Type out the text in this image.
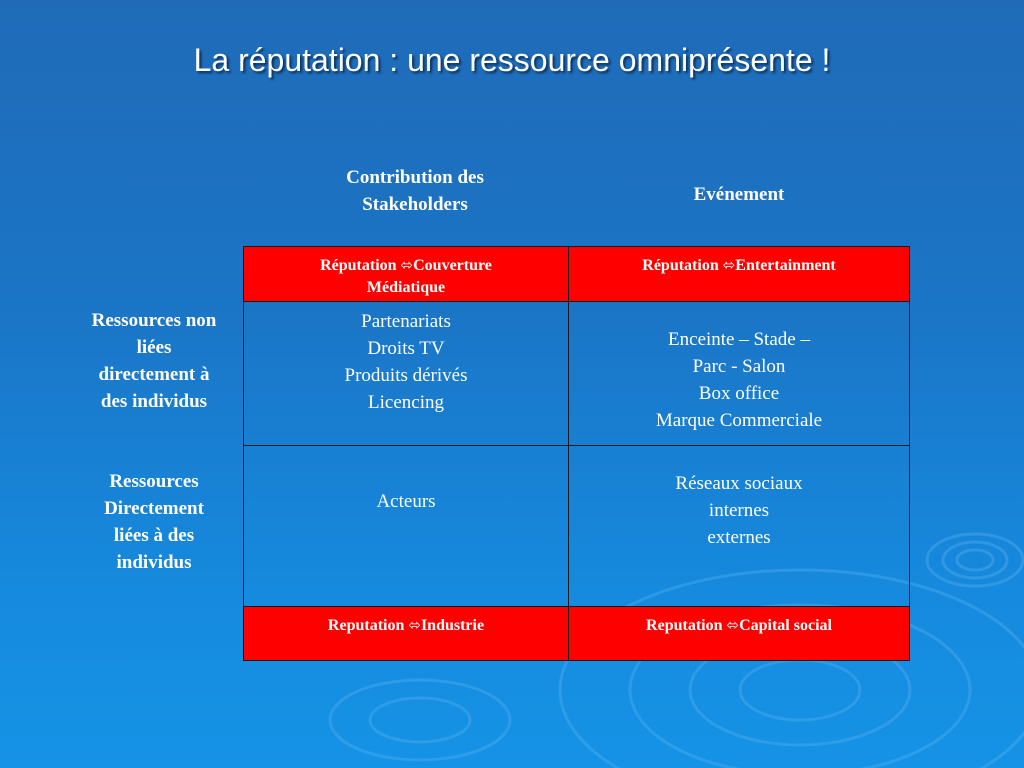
La réputation : une ressource omniprésente !
Contribution des
Stakeholders	Evénement
Ressources non
liées
directement à
des individus
Ressources
Directement
liées à des
individus
Réputation ⬄Couverture
Médiatique
Réputation ⬄Entertainment
Partenariats
Droits TV
Produits dérivés
Licencing
Enceinte – Stade –
Parc - Salon
Box office
Marque Commerciale
Acteurs
Réseaux sociaux
internes
externes
Reputation ⬄Industrie	Reputation ⬄Capital social
